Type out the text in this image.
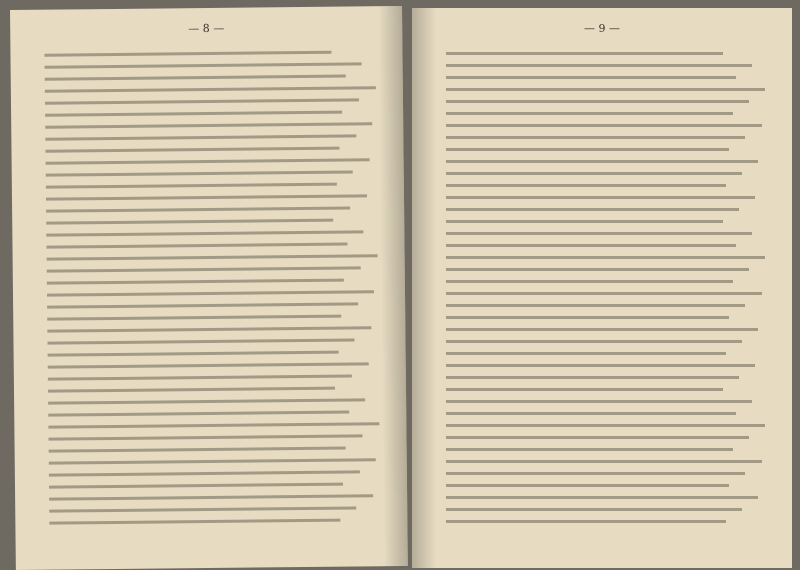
— 8 —	— 9 —
